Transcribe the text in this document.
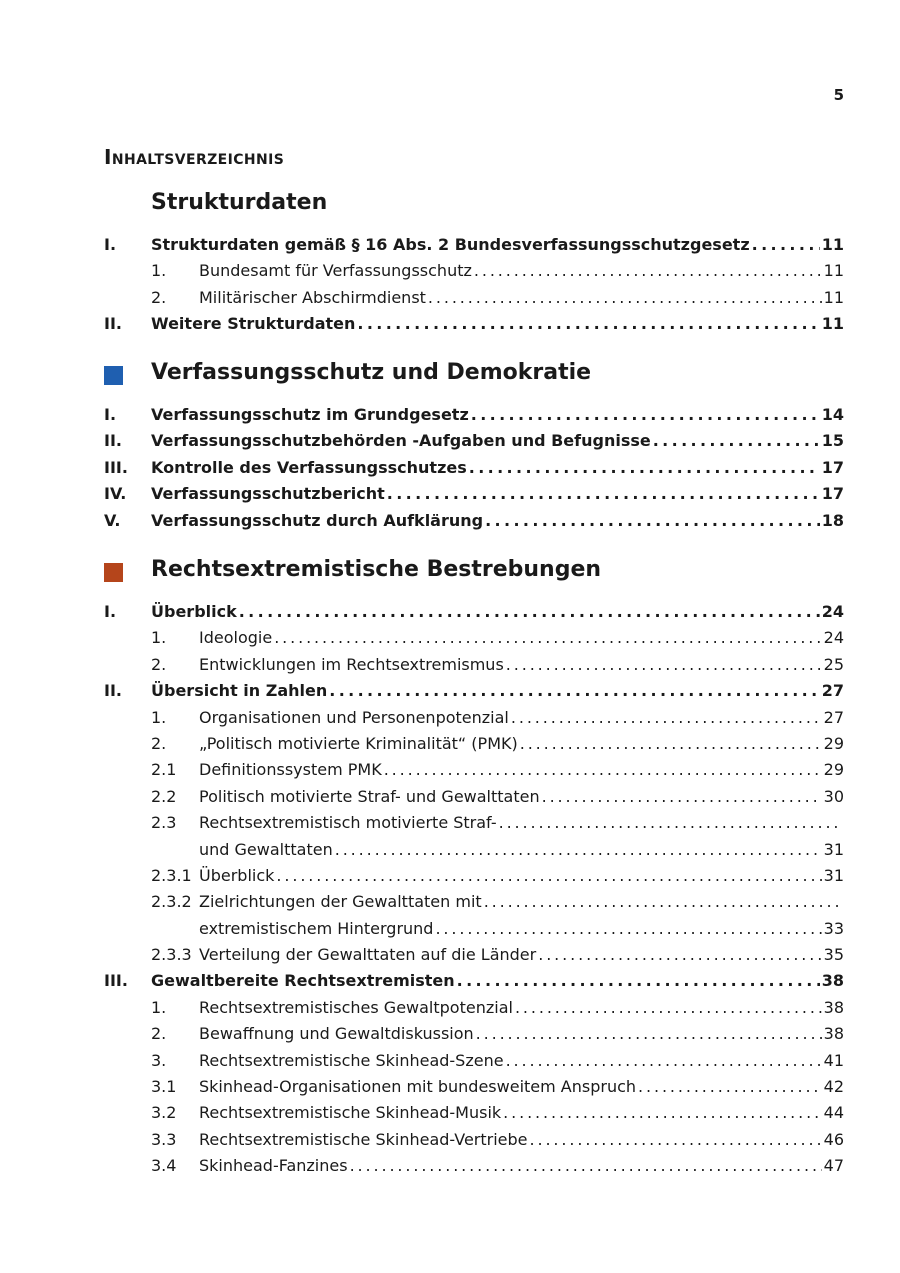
5
Inhaltsverzeichnis
Strukturdaten
I. Strukturdaten gemäß § 16 Abs. 2 Bundesverfassungsschutzgesetz . . .	11
1. Bundesamt für Verfassungsschutz . . .	11
2. Militärischer Abschirmdienst . . .	11
II. Weitere Strukturdaten . . .	11
Verfassungsschutz und Demokratie
I. Verfassungsschutz im Grundgesetz . . .	14
II. Verfassungsschutzbehörden -Aufgaben und Befugnisse . . .	15
III. Kontrolle des Verfassungsschutzes . . .	17
IV. Verfassungsschutzbericht . . .	17
V. Verfassungsschutz durch Aufklärung . . .	18
Rechtsextremistische Bestrebungen
I. Überblick . . .	24
1. Ideologie . . .	24
2. Entwicklungen im Rechtsextremismus . . .	25
II. Übersicht in Zahlen . . .	27
1. Organisationen und Personenpotenzial . . .	27
2. „Politisch motivierte Kriminalität“ (PMK) . . .	29
2.1 Definitionssystem PMK . . .	29
2.2 Politisch motivierte Straf- und Gewalttaten . . .	30
2.3 Rechtsextremistisch motivierte Straf-
. . .
und Gewalttaten . . .	31
2.3.1 Überblick . . .	31
2.3.2 Zielrichtungen der Gewalttaten mit
. . .
extremistischem Hintergrund . . .	33
2.3.3 Verteilung der Gewalttaten auf die Länder . . .	35
III. Gewaltbereite Rechtsextremisten . . .	38
1. Rechtsextremistisches Gewaltpotenzial . . .	38
2. Bewaffnung und Gewaltdiskussion . . .	38
3. Rechtsextremistische Skinhead-Szene . . .	41
3.1 Skinhead-Organisationen mit bundesweitem Anspruch . . .	42
3.2 Rechtsextremistische Skinhead-Musik . . .	44
3.3 Rechtsextremistische Skinhead-Vertriebe . . .	46
3.4 Skinhead-Fanzines . . .	47
